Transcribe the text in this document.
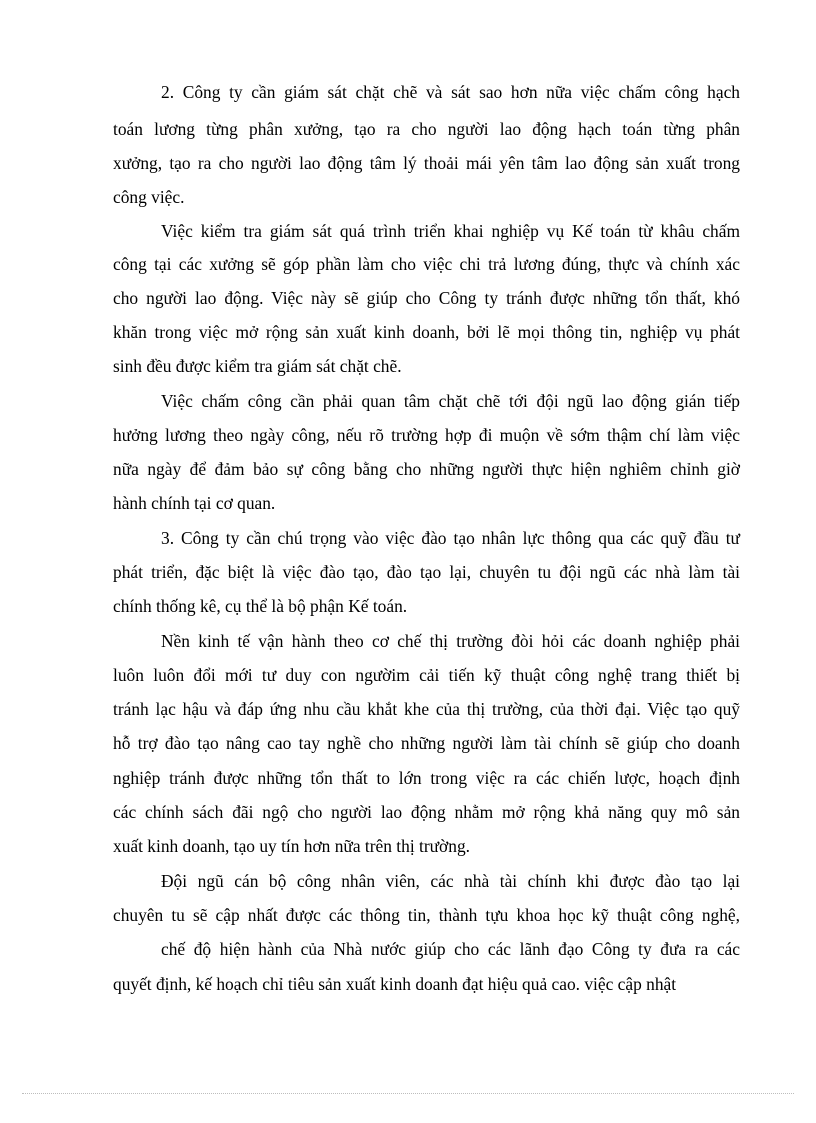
2. Công ty cần giám sát chặt chẽ và sát sao hơn nữa việc chấm công hạch
toán lương từng phân xưởng, tạo ra cho người lao động hạch toán từng phân
xưởng, tạo ra cho người lao động tâm lý thoải mái yên tâm lao động sản xuất trong
công việc.
Việc kiểm tra giám sát quá trình triển khai nghiệp vụ Kế toán từ khâu chấm
công tại các xưởng sẽ góp phần làm cho việc chi trả lương đúng, thực và chính xác
cho người lao động. Việc này sẽ giúp cho Công ty tránh được những tổn thất, khó
khăn trong việc mở rộng sản xuất kinh doanh, bởi lẽ mọi thông tin, nghiệp vụ phát
sinh đều được kiểm tra giám sát chặt chẽ.
Việc chấm công cần phải quan tâm chặt chẽ tới đội ngũ lao động gián tiếp
hưởng lương theo ngày công, nếu rõ trường hợp đi muộn về sớm thậm chí làm việc
nữa ngày để đảm bảo sự công bằng cho những người thực hiện nghiêm chỉnh giờ
hành chính tại cơ quan.
3. Công ty cần chú trọng vào việc đào tạo nhân lực thông qua các quỹ đầu tư
phát triển, đặc biệt là việc đào tạo, đào tạo lại, chuyên tu đội ngũ các nhà làm tài
chính thống kê, cụ thể là bộ phận Kế toán.
Nền kinh tế vận hành theo cơ chế thị trường đòi hỏi các doanh nghiệp phải
luôn luôn đổi mới tư duy con ngườim cải tiến kỹ thuật công nghệ trang thiết bị
tránh lạc hậu và đáp ứng nhu cầu khắt khe của thị trường, của thời đại. Việc tạo quỹ
hỗ trợ đào tạo nâng cao tay nghề cho những người làm tài chính sẽ giúp cho doanh
nghiệp tránh được những tổn thất to lớn trong việc ra các chiến lược, hoạch định
các chính sách đãi ngộ cho người lao động nhằm mở rộng khả năng quy mô sản
xuất kinh doanh, tạo uy tín hơn nữa trên thị trường.
Đội ngũ cán bộ công nhân viên, các nhà tài chính khi được đào tạo lại
chuyên tu sẽ cập nhất được các thông tin, thành tựu khoa học kỹ thuật công nghệ,
chế độ hiện hành của Nhà nước giúp cho các lãnh đạo Công ty đưa ra các
quyết định, kế hoạch chỉ tiêu sản xuất kinh doanh đạt hiệu quả cao. việc cập nhật
